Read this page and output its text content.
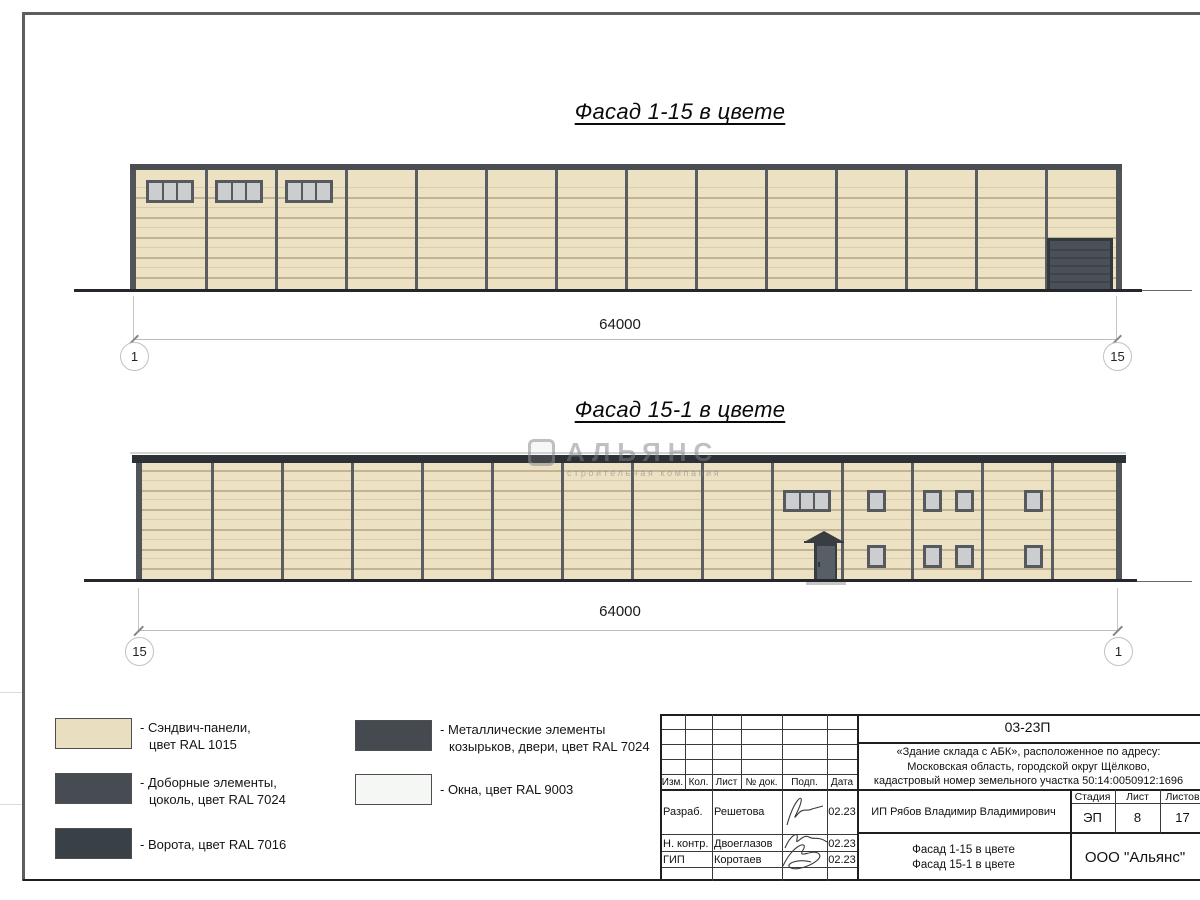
Фасад 1-15 в цвете
Фасад 15-1 в цвете
64000
1	15
64000
15	1
АЛЬЯНС
строительная компания
- Сэндвич-панели,
цвет RAL 1015
- Доборные элементы,
цоколь, цвет RAL 7024
- Ворота, цвет RAL 7016
- Металлические элементы
козырьков, двери, цвет RAL 7024
- Окна, цвет RAL 9003
03-23П
«Здание склада с АБК», расположенное по адресу:
Московская область, городской округ Щёлково,
кадастровый номер земельного участка 50:14:0050912:1696
Изм. Кол. Лист № док.	Подп.	Дата
Разраб. Решетова	02.23
Н. контр. Двоеглазов	02.23
ГИП	Коротаев	02.23
ИП Рябов Владимир Владимирович
Стадия	Лист	Листов
ЭП	8	17
Фасад 1-15 в цвете
Фасад 15-1 в цвете	ООО "Альянс"
